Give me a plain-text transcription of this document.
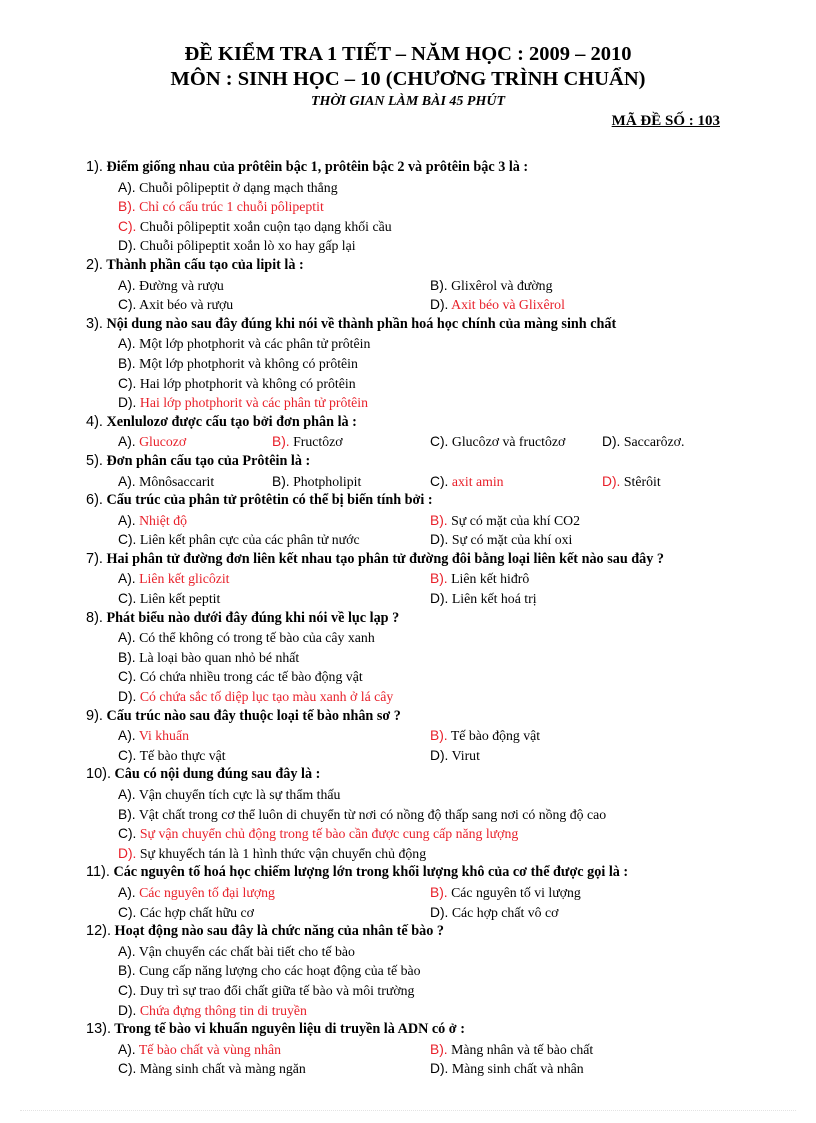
ĐỀ KIỂM TRA 1 TIẾT – NĂM HỌC : 2009 – 2010
MÔN : SINH HỌC – 10 (CHƯƠNG TRÌNH CHUẨN)
THỜI GIAN LÀM BÀI 45 PHÚT
MÃ ĐỀ SỐ : 103
1). Điểm giống nhau của prôtêin bậc 1, prôtêin bậc 2 và prôtêin bậc 3 là :
A). Chuỗi pôlipeptit ở dạng mạch thẳng
B). Chỉ có cấu trúc 1 chuỗi pôlipeptit
C). Chuỗi pôlipeptit xoắn cuộn tạo dạng khối cầu
D). Chuỗi pôlipeptit xoắn lò xo hay gấp lại
2). Thành phần cấu tạo của lipit là :
A). Đường và rượu	B). Glixêrol và đường
C). Axit béo và rượu	D). Axit béo và Glixêrol
3). Nội dung nào sau đây đúng khi nói về thành phần hoá học chính của màng sinh chất
A). Một lớp photphorit và các phân tử prôtêin
B). Một lớp photphorit và không có prôtêin
C). Hai lớp photphorit và không có prôtêin
D). Hai lớp photphorit và các phân tử prôtêin
4). Xenlulozơ được cấu tạo bởi đơn phân là :
A). Glucozơ	B). Fructôzơ	C). Glucôzơ và fructôzơ	D). Saccarôzơ.
5). Đơn phân cấu tạo của Prôtêin là :
A). Mônôsaccarit	B). Photpholipit	C). axit amin	D). Stêrôit
6). Cấu trúc của phân tử prôtêtin có thể bị biến tính bởi :
A). Nhiệt độ	B). Sự có mặt của khí CO2
C). Liên kết phân cực của các phân tử nước	D). Sự có mặt của khí oxi
7). Hai phân tử đường đơn liên kết nhau tạo phân tử đường đôi bằng loại liên kết nào sau đây ?
A). Liên kết glicôzit	B). Liên kết hiđrô
C). Liên kết peptit	D). Liên kết hoá trị
8). Phát biểu nào dưới đây đúng khi nói về lục lạp ?
A). Có thể không có trong tế bào của cây xanh
B). Là loại bào quan nhỏ bé nhất
C). Có chứa nhiều trong các tế bào động vật
D). Có chứa sắc tố diệp lục tạo màu xanh ở lá cây
9). Cấu trúc nào sau đây thuộc loại tế bào nhân sơ ?
A). Vi khuẩn	B). Tế bào động vật
C). Tế bào thực vật	D). Virut
10). Câu có nội dung đúng sau đây là :
A). Vận chuyển tích cực là sự thẩm thấu
B). Vật chất trong cơ thể luôn di chuyển từ nơi có nồng độ thấp sang nơi có nồng độ cao
C). Sự vận chuyển chủ động trong tế bào cần được cung cấp năng lượng
D). Sự khuyếch tán là 1 hình thức vận chuyển chủ động
11). Các nguyên tố hoá học chiếm lượng lớn trong khối lượng khô của cơ thể được gọi là :
A). Các nguyên tố đại lượng	B). Các nguyên tố vi lượng
C). Các hợp chất hữu cơ	D). Các hợp chất vô cơ
12). Hoạt động nào sau đây là chức năng của nhân tế bào ?
A). Vận chuyển các chất bài tiết cho tế bào
B). Cung cấp năng lượng cho các hoạt động của tế bào
C). Duy trì sự trao đổi chất giữa tế bào và môi trường
D). Chứa đựng thông tin di truyền
13). Trong tế bào vi khuẩn nguyên liệu di truyền là ADN có ở :
A). Tế bào chất và vùng nhân	B). Màng nhân và tế bào chất
C). Màng sinh chất và màng ngăn	D). Màng sinh chất và nhân
